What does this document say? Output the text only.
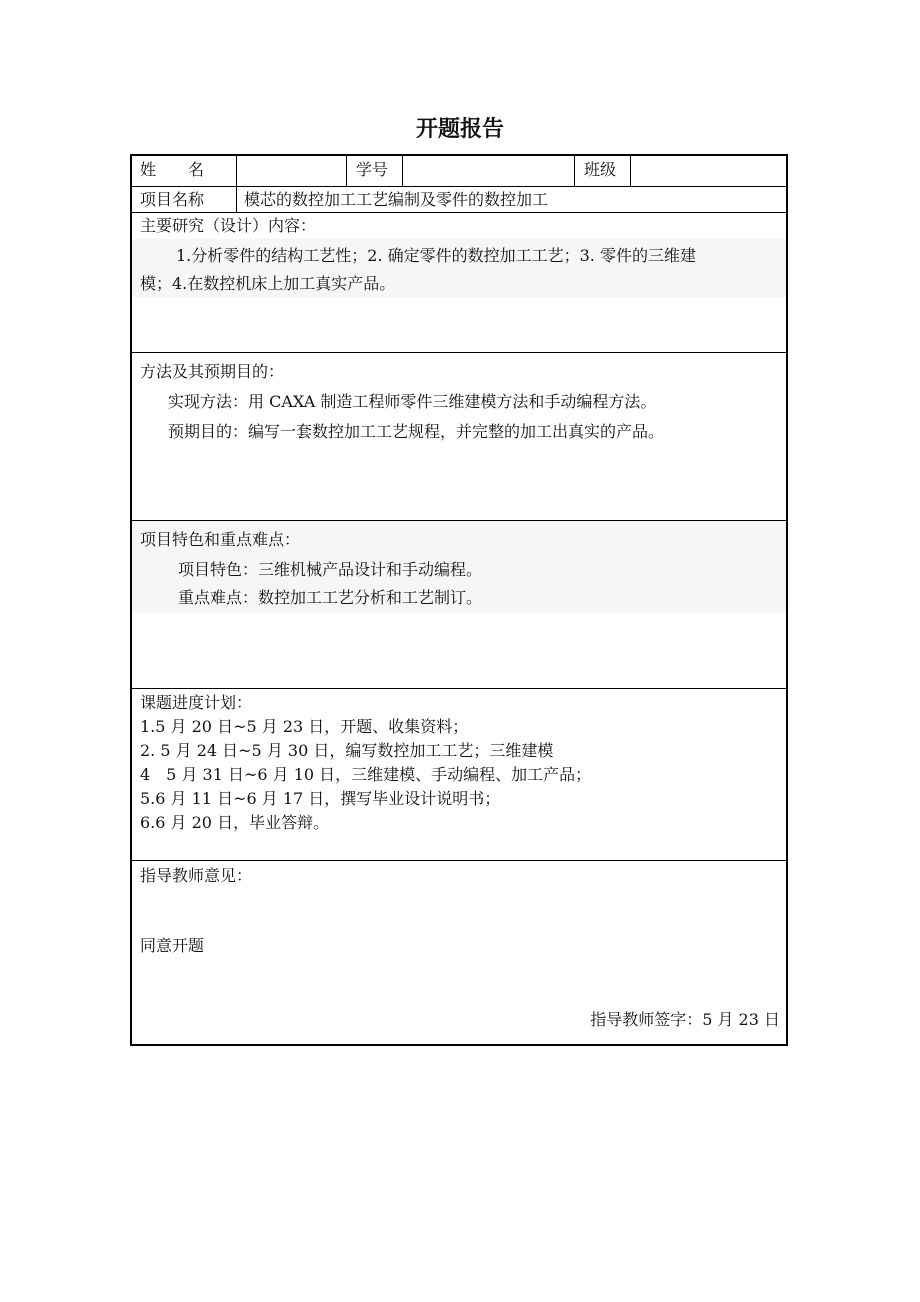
开题报告
姓　　名	学号	班级
项目名称	模芯的数控加工工艺编制及零件的数控加工
主要研究（设计）内容：
1.分析零件的结构工艺性；2. 确定零件的数控加工工艺；3. 零件的三维建
模；4.在数控机床上加工真实产品。
方法及其预期目的：
实现方法：用 CAXA 制造工程师零件三维建模方法和手动编程方法。
预期目的：编写一套数控加工工艺规程，并完整的加工出真实的产品。
项目特色和重点难点：
项目特色：三维机械产品设计和手动编程。
重点难点：数控加工工艺分析和工艺制订。
课题进度计划：
1.5 月 20 日~5 月 23 日，开题、收集资料；
2. 5 月 24 日~5 月 30 日，编写数控加工工艺；三维建模
4　5 月 31 日~6 月 10 日，三维建模、手动编程、加工产品；
5.6 月 11 日~6 月 17 日，撰写毕业设计说明书；
6.6 月 20 日，毕业答辩。
指导教师意见：
同意开题
指导教师签字：5 月 23 日
